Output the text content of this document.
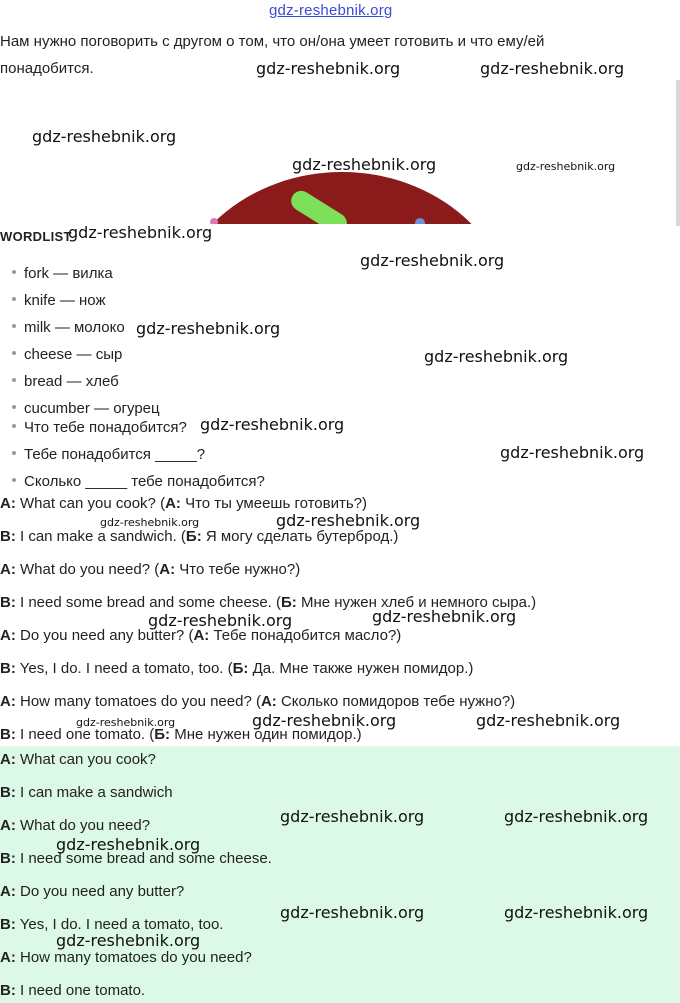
gdz-reshebnik.org
Нам нужно поговорить с другом о том, что он/она умеет готовить и что ему/ей понадобится.
WORDLIST
fork — вилка
knife — нож
milk — молоко
cheese — сыр
bread — хлеб
cucumber — огурец
Что тебе понадобится?
Тебе понадобится _____?
Сколько _____ тебе понадобится?
A: What can you cook? (А: Что ты умеешь готовить?)
B: I can make a sandwich. (Б: Я могу сделать бутерброд.)
A: What do you need? (А: Что тебе нужно?)
B: I need some bread and some cheese. (Б: Мне нужен хлеб и немного сыра.)
A: Do you need any butter? (А: Тебе понадобится масло?)
B: Yes, I do. I need a tomato, too. (Б: Да. Мне также нужен помидор.)
A: How many tomatoes do you need? (А: Сколько помидоров тебе нужно?)
B: I need one tomato. (Б: Мне нужен один помидор.)
A: What can you cook?
B: I can make a sandwich
A: What do you need?
B: I need some bread and some cheese.
A: Do you need any butter?
B: Yes, I do. I need a tomato, too.
A: How many tomatoes do you need?
B: I need one tomato.
gdz-reshebnik.org	gdz-reshebnik.org
gdz-reshebnik.org
gdz-reshebnik.org	gdz-reshebnik.org
gdz-reshebnik.org
gdz-reshebnik.org
gdz-reshebnik.org
gdz-reshebnik.org
gdz-reshebnik.org
gdz-reshebnik.org
gdz-reshebnik.org	gdz-reshebnik.org
gdz-reshebnik.org	gdz-reshebnik.org
gdz-reshebnik.org	gdz-reshebnik.org	gdz-reshebnik.org
gdz-reshebnik.org	gdz-reshebnik.org
gdz-reshebnik.org
gdz-reshebnik.org	gdz-reshebnik.org
gdz-reshebnik.org
